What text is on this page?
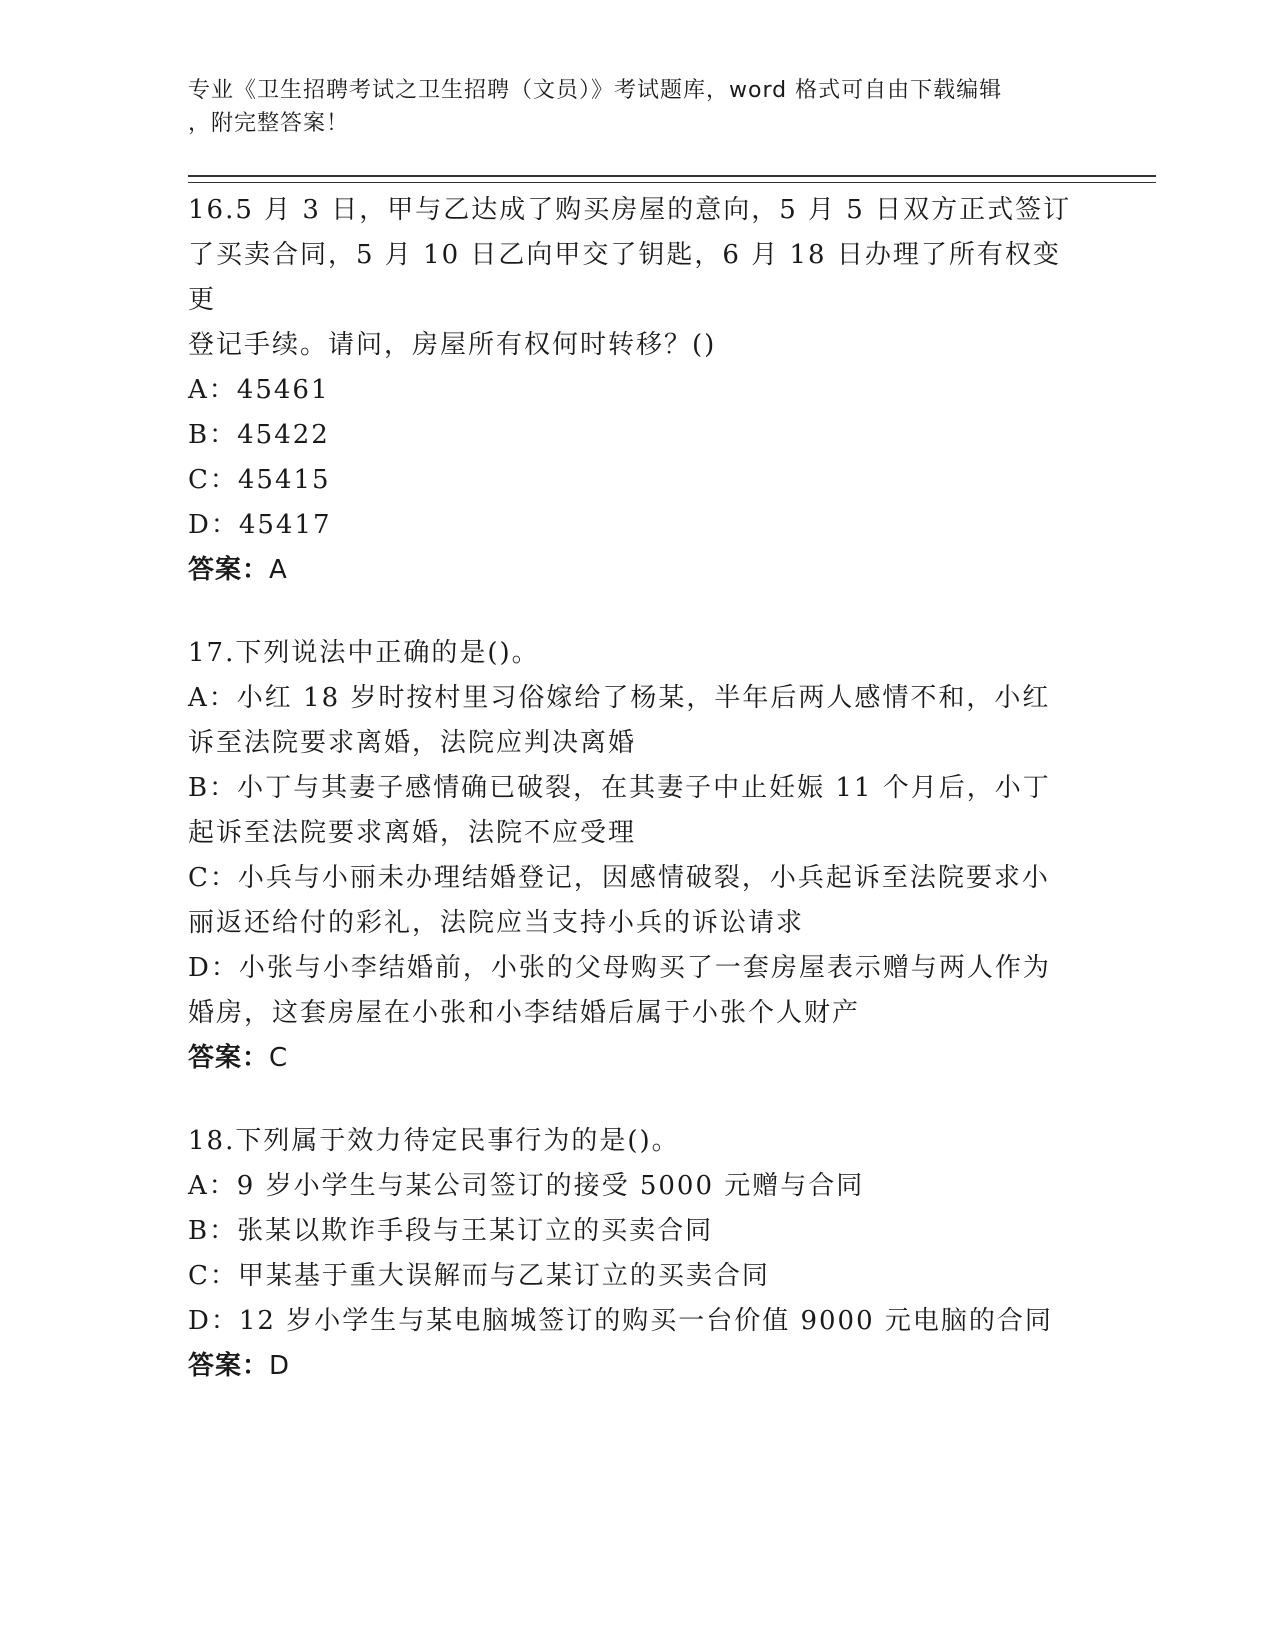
专业《卫生招聘考试之卫生招聘（文员）》考试题库，word 格式可自由下载编辑
，附完整答案！
16.5 月 3 日，甲与乙达成了购买房屋的意向，5 月 5 日双方正式签订
了买卖合同，5 月 10 日乙向甲交了钥匙，6 月 18 日办理了所有权变更
登记手续。请问，房屋所有权何时转移？()
A：45461
B：45422
C：45415
D：45417
答案：A
17.下列说法中正确的是()。
A：小红 18 岁时按村里习俗嫁给了杨某，半年后两人感情不和，小红
诉至法院要求离婚，法院应判决离婚
B：小丁与其妻子感情确已破裂，在其妻子中止妊娠 11 个月后，小丁
起诉至法院要求离婚，法院不应受理
C：小兵与小丽未办理结婚登记，因感情破裂，小兵起诉至法院要求小
丽返还给付的彩礼，法院应当支持小兵的诉讼请求
D：小张与小李结婚前，小张的父母购买了一套房屋表示赠与两人作为
婚房，这套房屋在小张和小李结婚后属于小张个人财产
答案：C
18.下列属于效力待定民事行为的是()。
A：9 岁小学生与某公司签订的接受 5000 元赠与合同
B：张某以欺诈手段与王某订立的买卖合同
C：甲某基于重大误解而与乙某订立的买卖合同
D：12 岁小学生与某电脑城签订的购买一台价值 9000 元电脑的合同
答案：D
